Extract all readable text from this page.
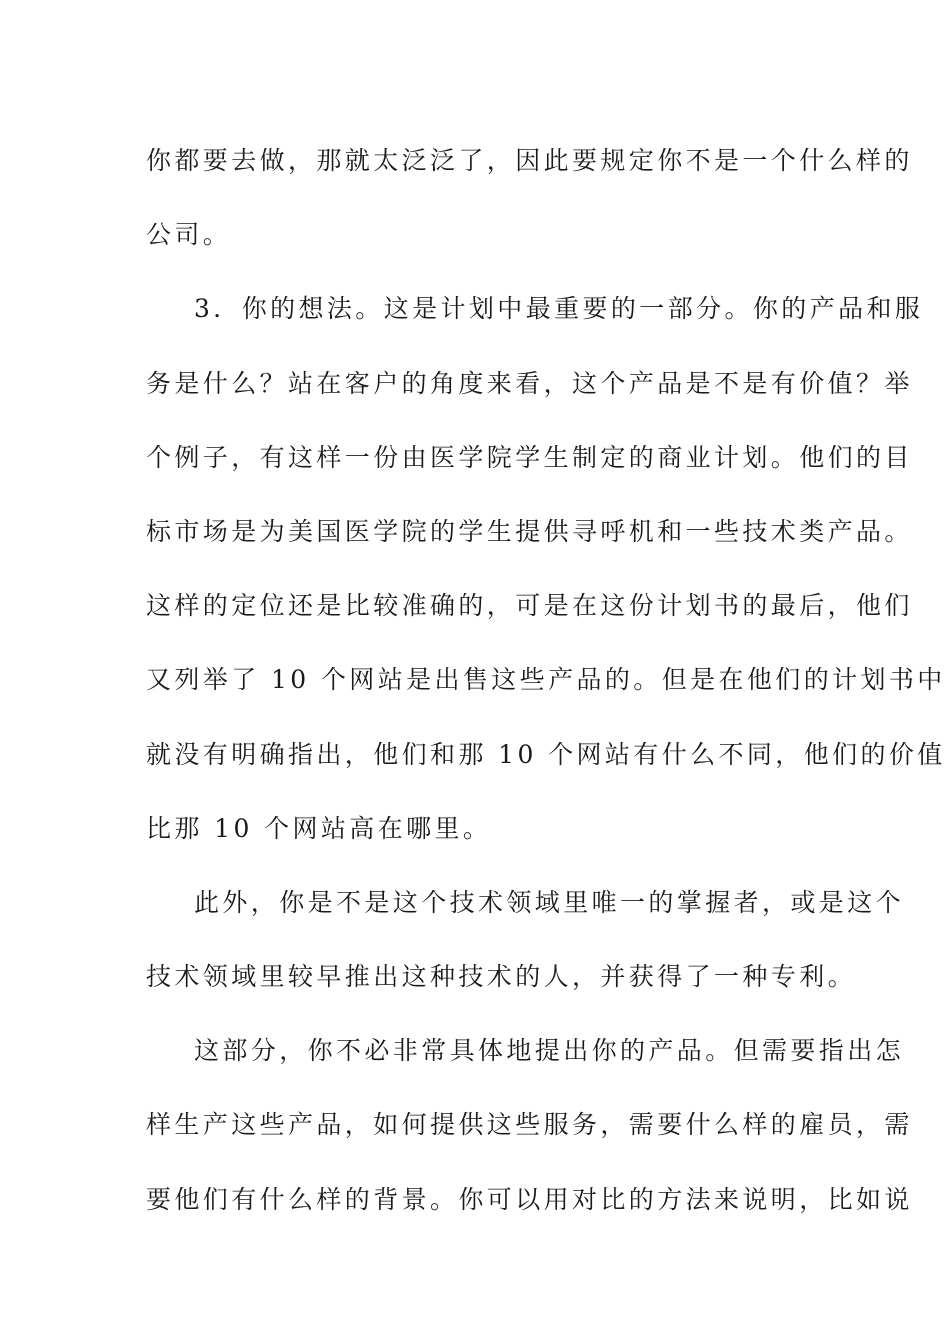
你都要去做，那就太泛泛了，因此要规定你不是一个什么样的
公司。
3．你的想法。这是计划中最重要的一部分。你的产品和服
务是什么？站在客户的角度来看，这个产品是不是有价值？举
个例子，有这样一份由医学院学生制定的商业计划。他们的目
标市场是为美国医学院的学生提供寻呼机和一些技术类产品。
这样的定位还是比较准确的，可是在这份计划书的最后，他们
又列举了 10 个网站是出售这些产品的。但是在他们的计划书中
就没有明确指出，他们和那 10 个网站有什么不同，他们的价值
比那 10 个网站高在哪里。
此外，你是不是这个技术领域里唯一的掌握者，或是这个
技术领域里较早推出这种技术的人，并获得了一种专利。
这部分，你不必非常具体地提出你的产品。但需要指出怎
样生产这些产品，如何提供这些服务，需要什么样的雇员，需
要他们有什么样的背景。你可以用对比的方法来说明，比如说
